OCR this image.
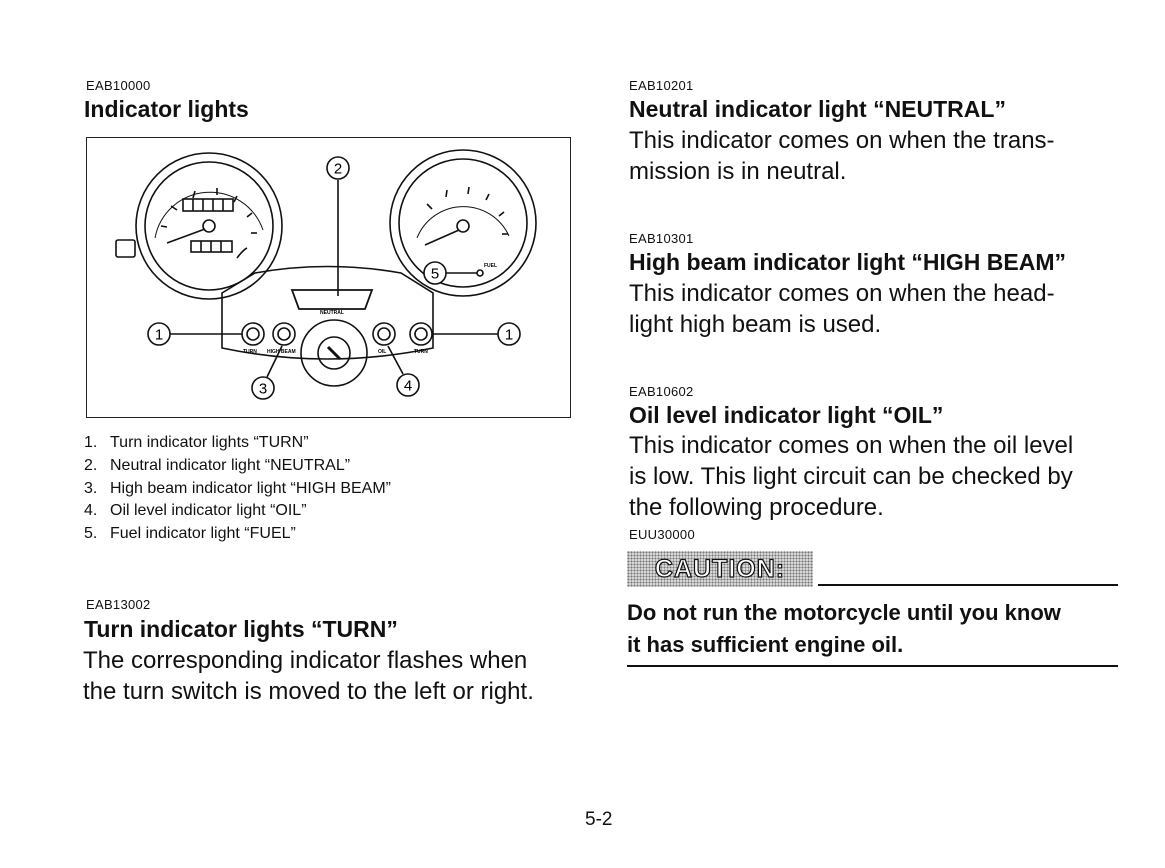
EAB10000
Indicator lights
2
1	1
3	4
5
NEUTRAL
TURN HIGH BEAM	OIL	TURN
FUEL
1. Turn indicator lights “TURN”
2. Neutral indicator light “NEUTRAL”
3. High beam indicator light “HIGH BEAM”
4. Oil level indicator light “OIL”
5. Fuel indicator light “FUEL”
EAB13002
Turn indicator lights “TURN”
The corresponding indicator flashes when
the turn switch is moved to the left or right.
EAB10201
Neutral indicator light “NEUTRAL”
This indicator comes on when the trans-
mission is in neutral.
EAB10301
High beam indicator light “HIGH BEAM”
This indicator comes on when the head-
light high beam is used.
EAB10602
Oil level indicator light “OIL”
This indicator comes on when the oil level
is low. This light circuit can be checked by
the following procedure.
EUU30000
CAUTION:
Do not run the motorcycle until you know
it has sufficient engine oil.
5-2
